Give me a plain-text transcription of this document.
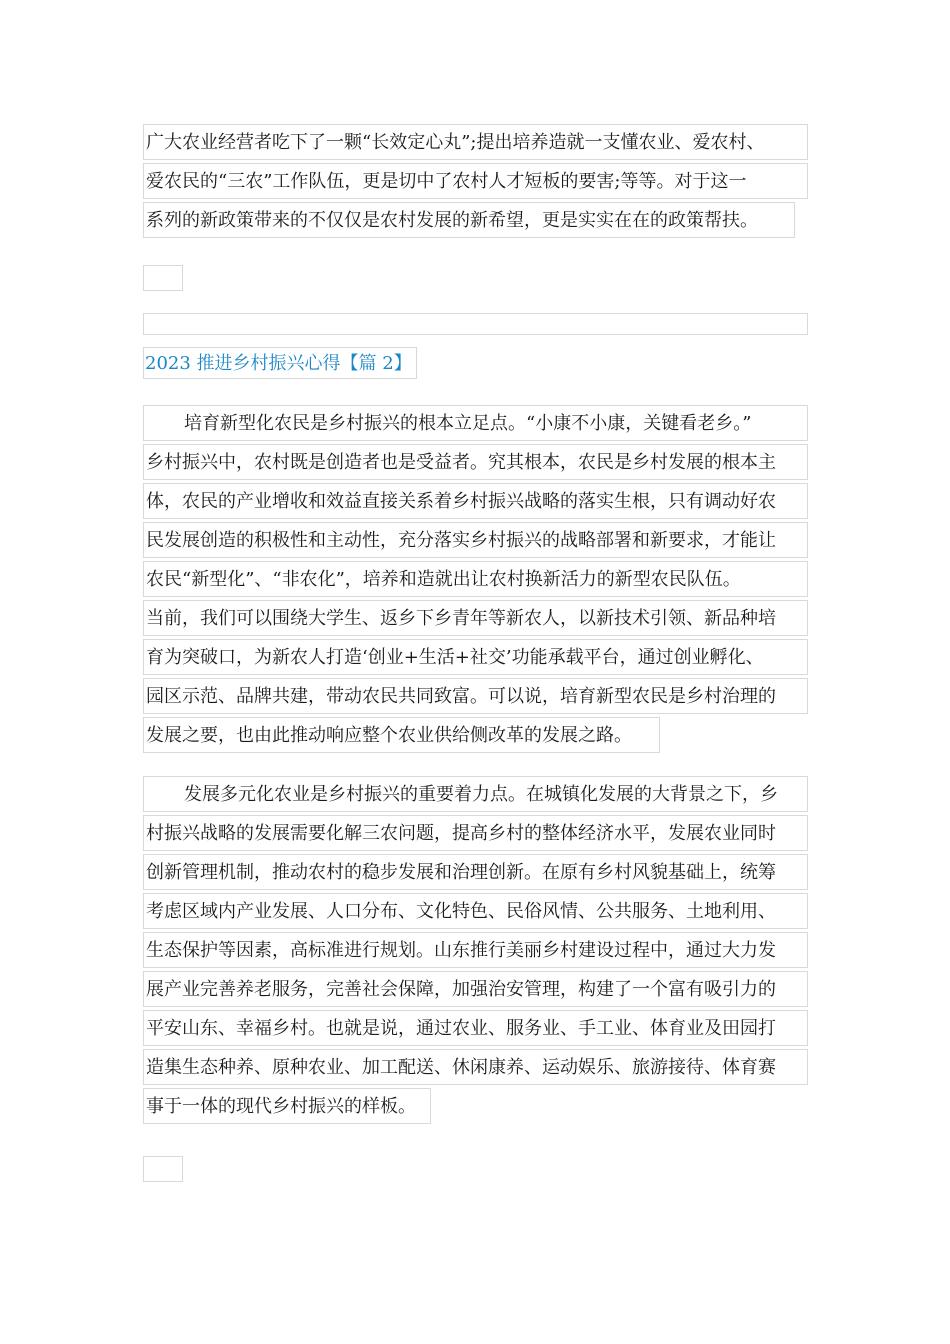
广大农业经营者吃下了一颗“长效定心丸”;提出培养造就一支懂农业、爱农村、
爱农民的“三农”工作队伍，更是切中了农村人才短板的要害;等等。对于这一
系列的新政策带来的不仅仅是农村发展的新希望，更是实实在在的政策帮扶。
2023 推进乡村振兴心得【篇 2】
培育新型化农民是乡村振兴的根本立足点。“小康不小康，关键看老乡。”
乡村振兴中，农村既是创造者也是受益者。究其根本，农民是乡村发展的根本主
体，农民的产业增收和效益直接关系着乡村振兴战略的落实生根，只有调动好农
民发展创造的积极性和主动性，充分落实乡村振兴的战略部署和新要求，才能让
农民“新型化”、“非农化”，培养和造就出让农村换新活力的新型农民队伍。
当前，我们可以围绕大学生、返乡下乡青年等新农人，以新技术引领、新品种培
育为突破口，为新农人打造‘创业+生活+社交’功能承载平台，通过创业孵化、
园区示范、品牌共建，带动农民共同致富。可以说，培育新型农民是乡村治理的
发展之要，也由此推动响应整个农业供给侧改革的发展之路。
发展多元化农业是乡村振兴的重要着力点。在城镇化发展的大背景之下，乡
村振兴战略的发展需要化解三农问题，提高乡村的整体经济水平，发展农业同时
创新管理机制，推动农村的稳步发展和治理创新。在原有乡村风貌基础上，统筹
考虑区域内产业发展、人口分布、文化特色、民俗风情、公共服务、土地利用、
生态保护等因素，高标准进行规划。山东推行美丽乡村建设过程中，通过大力发
展产业完善养老服务，完善社会保障，加强治安管理，构建了一个富有吸引力的
平安山东、幸福乡村。也就是说，通过农业、服务业、手工业、体育业及田园打
造集生态种养、原种农业、加工配送、休闲康养、运动娱乐、旅游接待、体育赛
事于一体的现代乡村振兴的样板。
